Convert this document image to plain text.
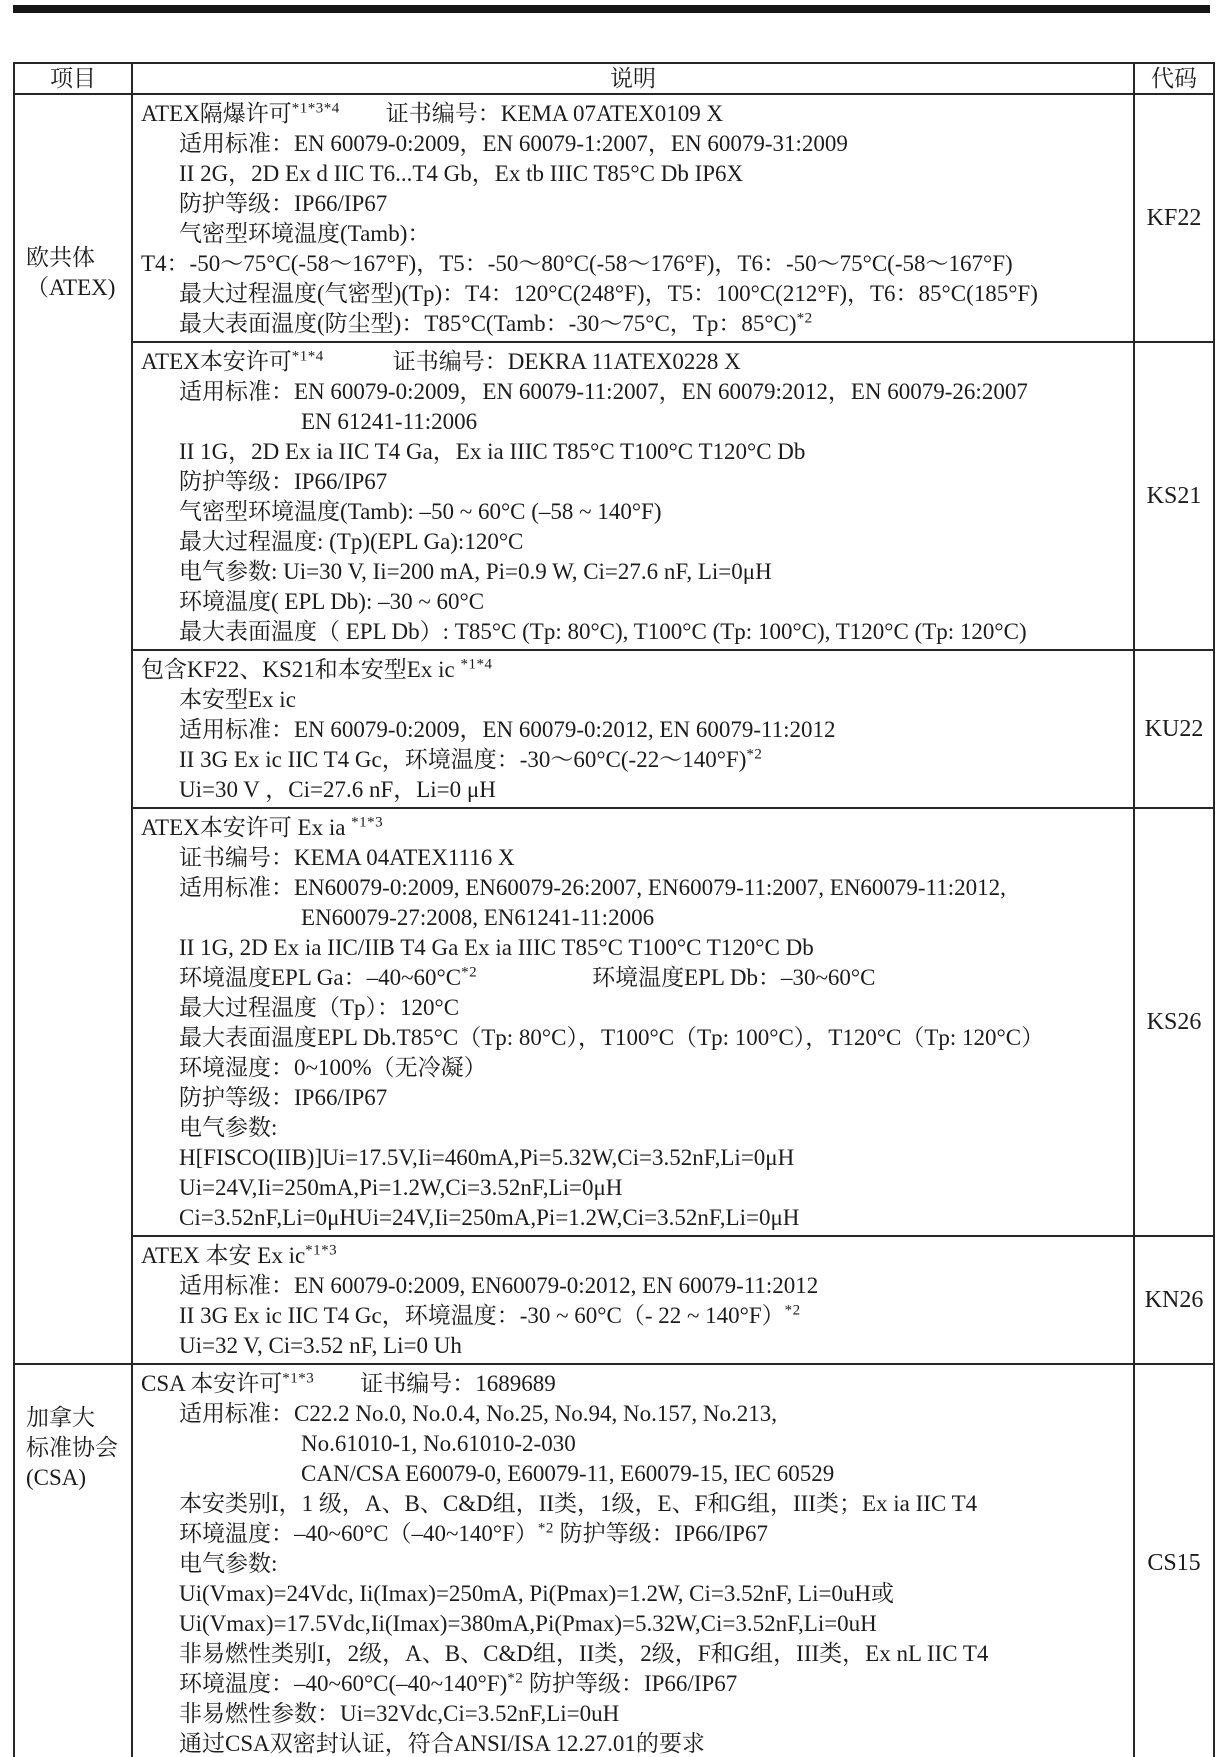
项目	说明	代码

欧共体
（ATEX)

ATEX隔爆许可$^{*1*3*4}$　　证书编号：KEMA 07ATEX0109 X
适用标准：EN 60079-0:2009，EN 60079-1:2007，EN 60079-31:2009
II 2G，2D Ex d IIC T6...T4 Gb，Ex tb IIIC T85°C Db IP6X
防护等级：IP66/IP67
气密型环境温度(Tamb)：
T4：-50～75°C(-58～167°F)，T5：-50～80°C(-58～176°F)，T6：-50～75°C(-58～167°F)
最大过程温度(气密型)(Tp)：T4：120°C(248°F)，T5：100°C(212°F)，T6：85°C(185°F)
最大表面温度(防尘型)：T85°C(Tamb：-30～75°C，Tp：85°C)$^{*2}$
	KF22

ATEX本安许可$^{*1*4}$　　　证书编号：DEKRA 11ATEX0228 X
适用标准：EN 60079-0:2009，EN 60079-11:2007，EN 60079:2012，EN 60079-26:2007
EN 61241-11:2006
II 1G，2D Ex ia IIC T4 Ga，Ex ia IIIC T85°C T100°C T120°C Db
防护等级：IP66/IP67
气密型环境温度(Tamb): –50 ~ 60°C (–58 ~ 140°F)
最大过程温度: (Tp)(EPL Ga):120°C
电气参数: Ui=30 V, Ii=200 mA, Pi=0.9 W, Ci=27.6 nF, Li=0μH
环境温度( EPL Db): –30 ~ 60°C
最大表面温度（ EPL Db）: T85°C (Tp: 80°C), T100°C (Tp: 100°C), T120°C (Tp: 120°C)
	KS21

	包含KF22、KS21和本安型Ex ic $^{*1*4}$
本安型Ex ic
适用标准：EN 60079-0:2009，EN 60079-0:2012, EN 60079-11:2012
II 3G Ex ic IIC T4 Gc，环境温度：-30～60°C(-22～140°F)$^{*2}$
Ui=30 V ，Ci=27.6 nF，Li=0 μH	KU22

ATEX本安许可 Ex ia $^{*1*3}$
证书编号：KEMA 04ATEX1116 X
适用标准：EN60079-0:2009, EN60079-26:2007, EN60079-11:2007, EN60079-11:2012,
EN60079-27:2008, EN61241-11:2006
II 1G, 2D Ex ia IIC/IIB T4 Ga Ex ia IIIC T85°C T100°C T120°C Db
环境温度EPL Ga：–40~60°C$^{*2}$　　　　　环境温度EPL Db：–30~60°C
最大过程温度（Tp）：120°C
最大表面温度EPL Db.T85°C（Tp: 80°C），T100°C（Tp: 100°C），T120°C（Tp: 120°C）
环境湿度：0~100%（无冷凝）
防护等级：IP66/IP67
电气参数:
H[FISCO(IIB)]Ui=17.5V,Ii=460mA,Pi=5.32W,Ci=3.52nF,Li=0μH
Ui=24V,Ii=250mA,Pi=1.2W,Ci=3.52nF,Li=0μH
Ci=3.52nF,Li=0μHUi=24V,Ii=250mA,Pi=1.2W,Ci=3.52nF,Li=0μH
	KS26

	ATEX 本安 Ex ic$^{*1*3}$
适用标准：EN 60079-0:2009, EN60079-0:2012, EN 60079-11:2012
II 3G Ex ic IIC T4 Gc，环境温度：-30 ~ 60°C（- 22 ~ 140°F）$^{*2}$
Ui=32 V, Ci=3.52 nF, Li=0 Uh	KN26

加拿大
标准协会
(CSA)

CSA 本安许可$^{*1*3}$　　证书编号：1689689
适用标准：C22.2 No.0, No.0.4, No.25, No.94, No.157, No.213,
No.61010-1, No.61010-2-030
CAN/CSA E60079-0, E60079-11, E60079-15, IEC 60529
本安类别I，1 级，A、B、C&D组，II类，1级，E、F和G组，III类；Ex ia IIC T4
环境温度：–40~60°C（–40~140°F）$^{*2}$ 防护等级：IP66/IP67
电气参数:
Ui(Vmax)=24Vdc, Ii(Imax)=250mA, Pi(Pmax)=1.2W, Ci=3.52nF, Li=0uH或
Ui(Vmax)=17.5Vdc,Ii(Imax)=380mA,Pi(Pmax)=5.32W,Ci=3.52nF,Li=0uH
非易燃性类别I，2级，A、B、C&D组，II类，2级，F和G组，III类，Ex nL IIC T4
环境温度：–40~60°C(–40~140°F)$^{*2}$ 防护等级：IP66/IP67
非易燃性参数：Ui=32Vdc,Ci=3.52nF,Li=0uH
通过CSA双密封认证，符合ANSI/ISA 12.27.01的要求
	CS15
